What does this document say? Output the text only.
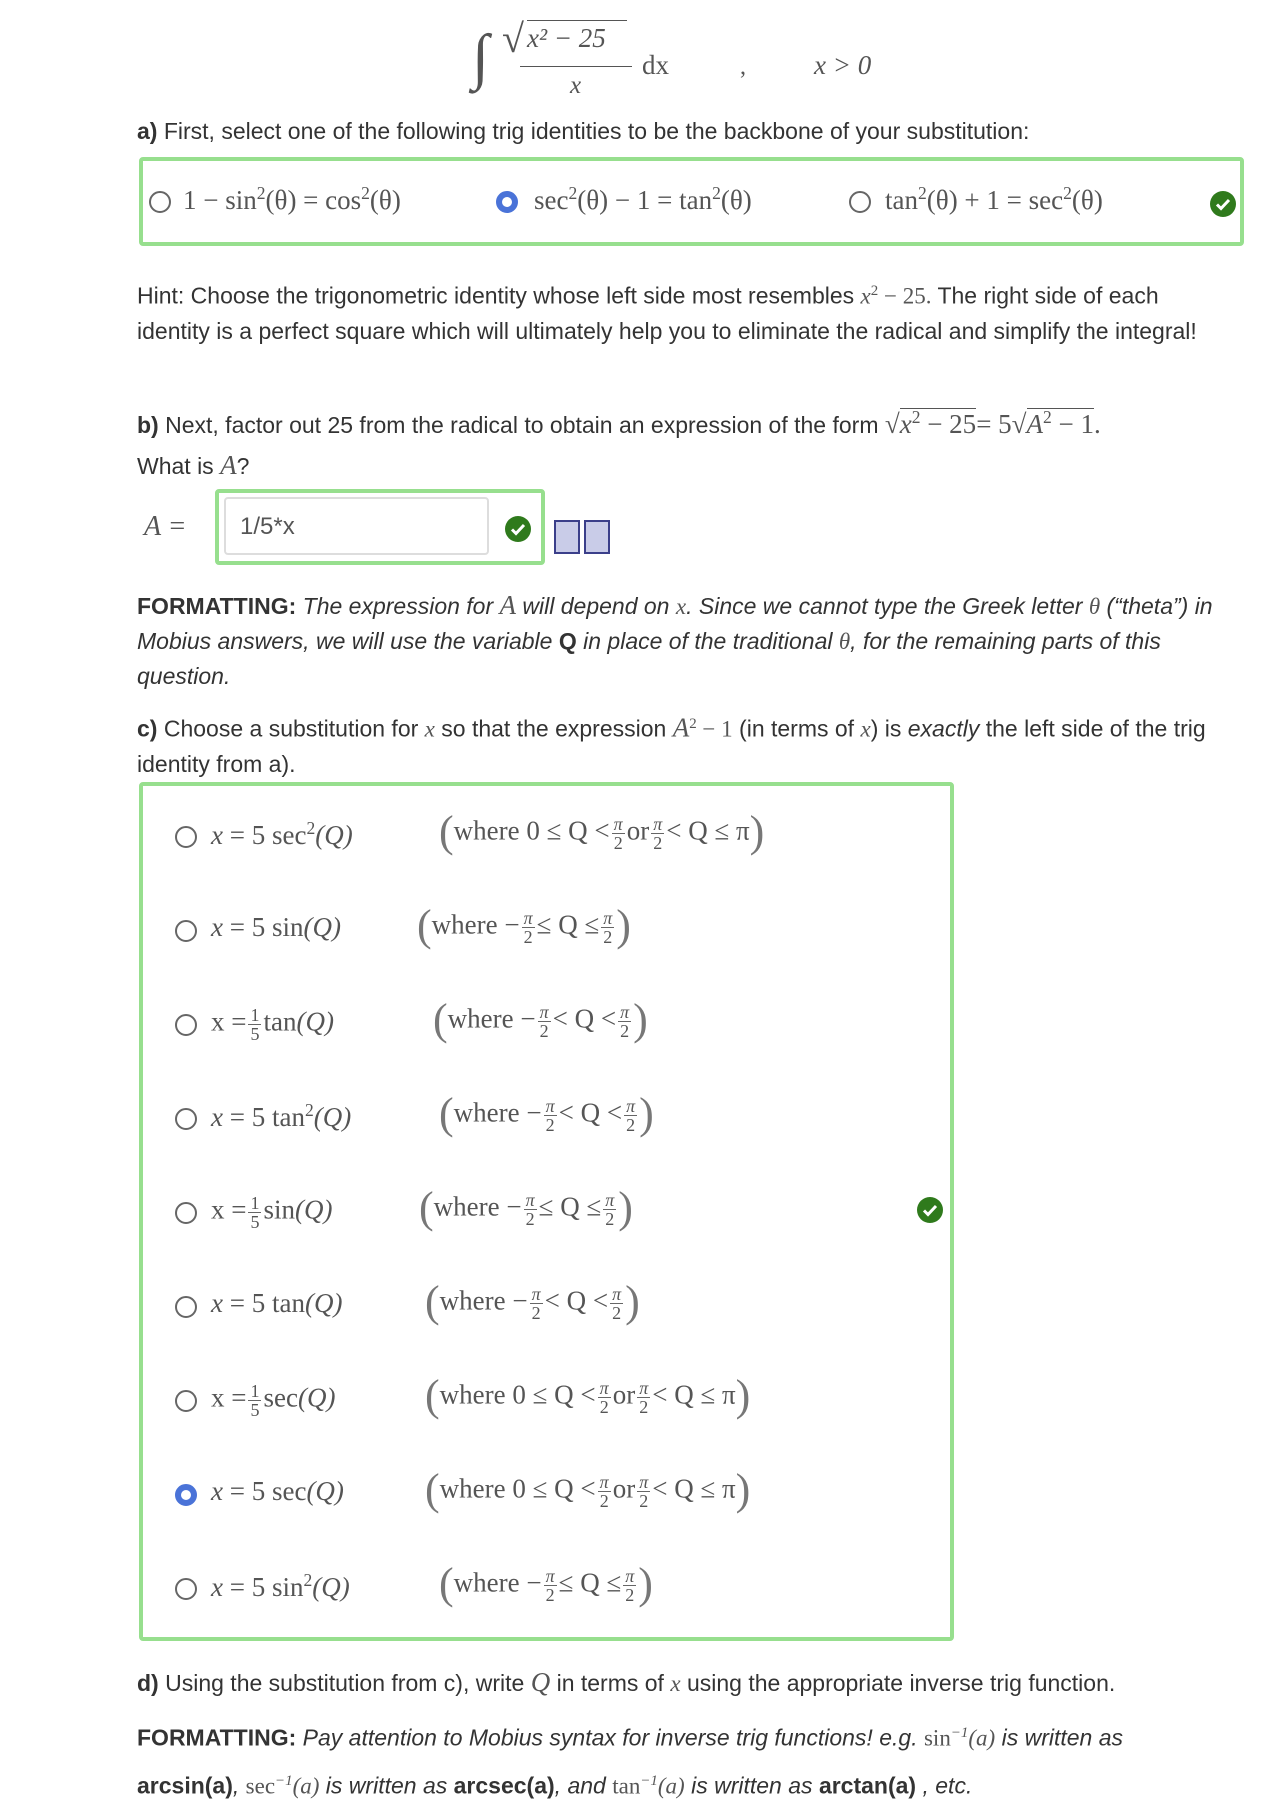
∫ √ x² − 25
x
dx	,	x > 0
a) First, select one of the following trig identities to be the backbone of your substitution:
$1 - \sin^2(\theta) = \cos^2(\theta)$	$\sec^2(\theta) - 1 = \tan^2(\theta)$	$\tan^2(\theta) + 1 = \sec^2(\theta)$
Hint: Choose the trigonometric identity whose left side most resembles $x^2 - 25$. The right side of each identity is a perfect square which will ultimately help you to eliminate the radical and simplify the integral!
b) Next, factor out 25 from the radical to obtain an expression of the form $√x^2 - 25= 5√A^2 - 1$.
What is A?
A =	1/5*x
FORMATTING: The expression for A will depend on x. Since we cannot type the Greek letter θ (“theta”) in Mobius answers, we will use the variable Q in place of the traditional θ, for the remaining parts of this question.
c) Choose a substitution for x so that the expression $A^2 - 1$ (in terms of x) is exactly the left side of the trig identity from a).
x = 5 $\sec^2(Q)$ (where $0 \le Q < \frac{\pi}{2}$ or $\frac{\pi}{2} < Q \le \pi$)
x = 5 sin(Q) (where − $\frac{\pi}{2} \le Q \le \frac{\pi}{2}$ )
$x = \frac{1}{5} \tan(Q)$ (where − $\frac{\pi}{2} < Q < \frac{\pi}{2}$ )
x = 5 $\tan^2(Q)$ (where − $\frac{\pi}{2} < Q < \frac{\pi}{2}$ )
$x = \frac{1}{5} \sin(Q)$ (where − $\frac{\pi}{2} \le Q \le \frac{\pi}{2}$ )
x = 5 tan(Q) (where − $\frac{\pi}{2} < Q < \frac{\pi}{2}$ )
$x = \frac{1}{5} \sec(Q)$ (where $0 \le Q < \frac{\pi}{2}$ or $\frac{\pi}{2} < Q \le \pi$)
x = 5 sec(Q) (where $0 \le Q < \frac{\pi}{2}$ or $\frac{\pi}{2} < Q \le \pi$)
x = 5 $\sin^2(Q)$ (where − $\frac{\pi}{2} \le Q \le \frac{\pi}{2}$ )
d) Using the substitution from c), write Q in terms of x using the appropriate inverse trig function.
FORMATTING: Pay attention to Mobius syntax for inverse trig functions! e.g. $\sin^{-1}(a)$ is written as arcsin(a), $\sec^{-1}(a)$ is written as arcsec(a), and $\tan^{-1}(a)$ is written as arctan(a) , etc.
